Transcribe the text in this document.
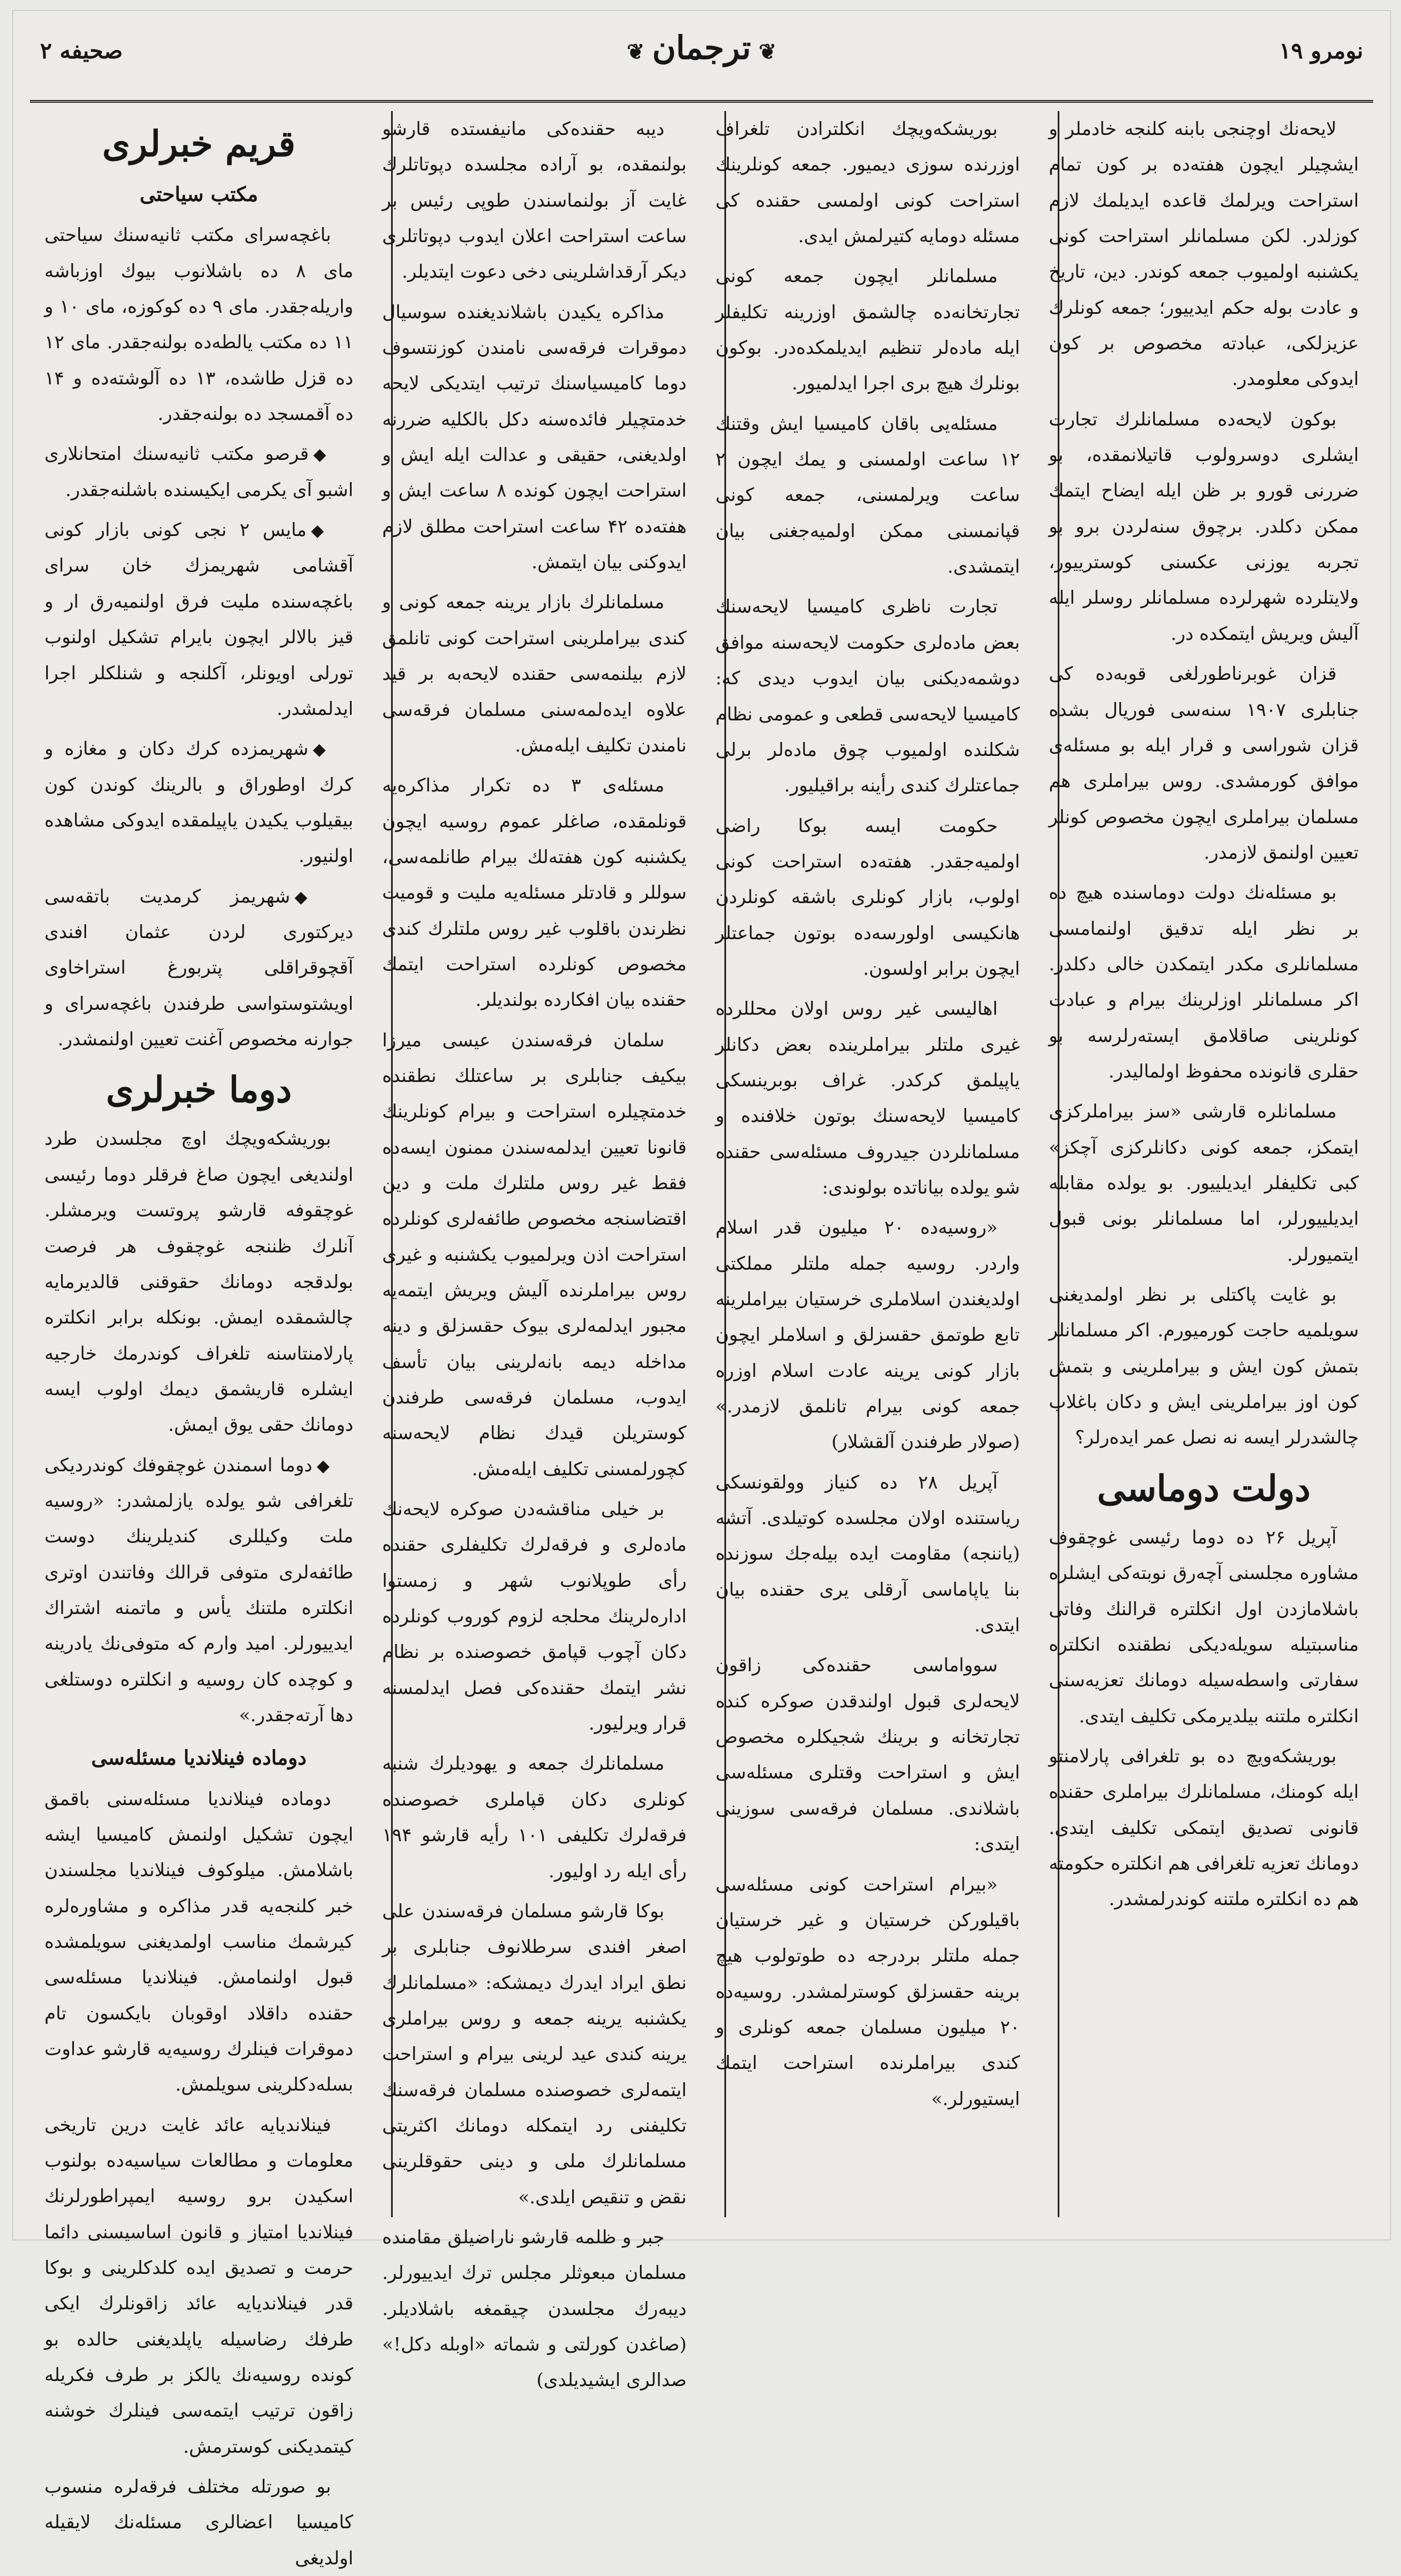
نومرو ۱۹
❦ترجمان❦
صحیفه ۲

لایحه‌نك اوچنجی بابنه کلنجه خادملر و ایشچیلر ایچون هفته‌ده بر کون تمام استراحت ویرلمك قاعده ایدیلمك لازم کوزلدر. لکن مسلمانلر استراحت کونی یکشنبه اولمیوب جمعه کوندر. دین، تاریخ و عادت بوله حکم ایدییور؛ جمعه کونلرك عزیزلکی، عبادته مخصوص بر کون ایدوکی معلومدر.

بوکون لایحه‌ده مسلمانلرك تجارت ایشلری دوسرولوب قاتیلانمقده، بو ضررنی قورو بر ظن ایله ایضاح ایتمك ممکن دکلدر. برچوق سنه‌لردن برو بو تجربه یوزنی عکسنی کوسترییور، ولایتلرده شهرلرده مسلمانلر روسلر ایله آلیش ویریش ایتمکده در.

قزان غوبرناطورلغی قوبه‌ده کی جنابلری ۱۹۰۷ سنه‌سی فوریال بشده قزان شوراسی و قرار ایله بو مسئله‌ی موافق کورمشدی. روس بیراملری هم مسلمان بیراملری ایچون مخصوص کونلر تعیین اولنمق لازمدر.

بو مسئله‌نك دولت دوماسنده هیچ ده بر نظر ایله تدقیق اولنمامسی مسلمانلری مکدر ایتمکدن خالی دکلدر. اکر مسلمانلر اوزلرینك بیرام و عبادت کونلرینی صاقلامق ایسته‌رلرسه بو حقلری قانونده محفوظ اولمالیدر.

مسلمانلره قارشی «سز بیراملرکزی ایتمکز، جمعه کونی دکانلرکزی آچکز» کبی تکلیفلر ایدیلییور. بو یولده مقابله ایدیلییورلر، اما مسلمانلر بونی قبول ایتمیورلر.

بو غایت پاکتلی بر نظر اولمدیغنی سویلمیه حاجت کورمیورم. اکر مسلمانلر بتمش کون ایش و بیراملرینی و بتمش کون اوز بیراملرینی ایش و دکان باغلاب چالشدرلر ایسه نه نصل عمر ایده‌رلر؟

دولت دوماسی

آپریل ۲۶ ده دوما رئیسی غوچقوف مشاوره مجلسنی آچه‌رق نوبته‌کی ایشلره باشلامازدن اول انکلتره قرالنك وفاتی مناسبتیله سویله‌دیکی نطقنده انکلتره سفارتی واسطه‌سیله دومانك تعزیه‌سنی انکلتره ملتنه بیلدیرمکی تکلیف ایتدی.

بوریشکه‌ویچ ده بو تلغرافی پارلامنتو ایله کومنك، مسلمانلرك بیراملری حقنده قانونی تصدیق ایتمکی تکلیف ایتدی. دومانك تعزیه تلغرافی هم انکلتره حکومته هم ده انکلتره ملتنه کوندرلمشدر.

بوریشکه‌ویچك انکلترادن تلغراف اوزرنده سوزی دیمیور. جمعه کونلرینك استراحت کونی اولمسی حقنده کی مسئله دومایه کتیرلمش ایدی.

مسلمانلر ایچون جمعه کونی تجارتخانه‌ده چالشمق اوزرینه تکلیفلر ایله ماده‌لر تنظیم ایدیلمکده‌در. بوکون بونلرك هیچ بری اجرا ایدلمیور.

مسئله‌یی باقان کامیسیا ایش وقتنك ۱۲ ساعت اولمسنی و یمك ایچون ۲ ساعت ویرلمسنی، جمعه کونی قپانمسنی ممکن اولمیه‌جغنی بیان ایتمشدی.

تجارت ناظری کامیسیا لایحه‌سنك بعض ماده‌لری حکومت لایحه‌سنه موافق دوشمه‌دیکنی بیان ایدوب دیدی که: کامیسیا لایحه‌سی قطعی و عمومی نظام شکلنده اولمیوب چوق ماده‌لر برلی جماعتلرك کندی رأینه براقیلیور.

حکومت ایسه بوکا راضی اولمیه‌جقدر. هفته‌ده استراحت کونی اولوب، بازار کونلری باشقه کونلردن هانکیسی اولورسه‌ده بوتون جماعتلر ایچون برابر اولسون.

اهالیسی غیر روس اولان محللرده غیری ملتلر بیراملرینده بعض دکانلر یاپیلمق کرکدر. غراف بوبرینسکی کامیسیا لایحه‌سنك بوتون خلافنده و مسلمانلردن جیدروف مسئله‌سی حقنده شو یولده بیاناتده بولوندی:

«روسیه‌ده ۲۰ میلیون قدر اسلام واردر. روسیه جمله ملتلر مملکتی اولدیغندن اسلاملری خرستیان بیراملرینه تابع طوتمق حقسزلق و اسلاملر ایچون بازار کونی یرینه عادت اسلام اوزره جمعه کونی بیرام تانلمق لازمدر.» (صولار طرفندن آلقشلار)

آپریل ۲۸ ده کنیاز وولقونسکی ریاستنده اولان مجلسده کوتیلدی. آتشه (یاننجه) مقاومت ایده بیله‌جك سوزنده بنا یاپاماسی آرقلی یری حقنده بیان ایتدی.

سوواماسی حقنده‌کی زاقون لایحه‌لری قبول اولندقدن صوکره کنده تجارتخانه و برینك شجیکلره مخصوص ایش و استراحت وقتلری مسئله‌سی باشلاندی. مسلمان فرقه‌سی سوزینی ایتدی:

«بیرام استراحت کونی مسئله‌سی باقیلورکن خرستیان و غیر خرستیان جمله ملتلر بردرجه ده طوتولوب هیچ برینه حقسزلق کوسترلمشدر. روسیه‌ده ۲۰ میلیون مسلمان جمعه کونلری و کندی بیراملرنده استراحت ایتمك ایستیورلر.»

دیبه حقنده‌کی مانیفستده قارشو بولنمقده، بو آراده مجلسده دپوتاتلرك غایت آز بولنماسندن طوپی رئیس بر ساعت استراحت اعلان ایدوب دپوتاتلری دیکر آرقداشلرینی دخی دعوت ایتدیلر.

مذاکره یکیدن باشلاندیغنده سوسیال دموقرات فرقه‌سی نامندن کوزنتسوف دوما کامیسیاسنك ترتیب ایتدیکی لایحه خدمتچیلر فائده‌سنه دکل بالکلیه ضررنه اولدیغنی، حقیقی و عدالت ایله ایش و استراحت ایچون کونده ۸ ساعت ایش و هفته‌ده ۴۲ ساعت استراحت مطلق لازم ایدوکنی بیان ایتمش.

مسلمانلرك بازار یرینه جمعه کونی و کندی بیراملرینی استراحت کونی تانلمق لازم بیلنمه‌سی حقنده لایحه‌به بر قید علاوه ایده‌لمه‌سنی مسلمان فرقه‌سی نامندن تکلیف ایله‌مش.

مسئله‌ی ۳ ده تکرار مذاکره‌یه قونلمقده، صاغلر عموم روسیه ایچون یکشنبه کون هفته‌لك بیرام طانلمه‌سی، سوللر و قادتلر مسئله‌یه ملیت و قومیت نظرندن باقلوب غیر روس ملتلرك کندی مخصوص کونلرده استراحت ایتمك حقنده بیان افکارده بولندیلر.

سلمان فرقه‌سندن عیسی میرزا بیکیف جنابلری بر ساعتلك نطقنده خدمتچیلره استراحت و بیرام کونلرینك قانونا تعیین ایدلمه‌سندن ممنون ایسه‌ده فقط غیر روس ملتلرك ملت و دین اقتضاسنجه مخصوص طائفه‌لری کونلرده استراحت اذن ویرلمیوب یکشنبه و غیری روس بیراملرنده آلیش ویریش ایتمه‌یه مجبور ایدلمه‌لری بیوک حقسزلق و دینه مداخله دیمه بانه‌لرینی بیان تأسف ایدوب، مسلمان فرقه‌سی طرفندن کوستریلن قیدك نظام لایحه‌سنه کچورلمسنی تکلیف ایله‌مش.

بر خیلی مناقشه‌دن صوکره لایحه‌نك ماده‌لری و فرقه‌لرك تکلیفلری حقنده رأی طوپلانوب شهر و زمستوا اداره‌لرینك محلجه لزوم کوروب کونلرده دکان آچوب قپامق خصوصنده بر نظام نشر ایتمك حقنده‌کی فصل ایدلمسنه قرار ویرلیور.

مسلمانلرك جمعه و یهودیلرك شنبه کونلری دکان قپاملری خصوصنده فرقه‌لرك تکلیفی ۱۰۱ رأیه قارشو ۱۹۴ رأی ایله رد اولیور.

بوکا قارشو مسلمان فرقه‌سندن علی اصغر افندی سرطلانوف جنابلری بر نطق ایراد ایدرك دیمشکه: «مسلمانلرك یکشنبه یرینه جمعه و روس بیراملری یرینه کندی عید لرینی بیرام و استراحت ایتمه‌لری خصوصنده مسلمان فرقه‌سنك تکلیفنی رد ایتمکله دومانك اکثریتی مسلمانلرك ملی و دینی حقوقلرینی نقض و تنقیص ایلدی.»

جبر و ظلمه قارشو ناراضیلق مقامنده مسلمان مبعوثلر مجلس ترك ایدییورلر. دیبه‌رك مجلسدن چیقمغه باشلادیلر. (صاغدن کورلتی و شماته «اوبله دکل!» صدالری ایشیدیلدی)

قریم خبرلری

مکتب سیاحتی

باغچه‌سرای مکتب ثانیه‌سنك سیاحتی مای ۸ ده باشلانوب بیوك اوزباشه واریله‌جقدر. مای ۹ ده کوکوزه، مای ۱۰ و ۱۱ ده مکتب یالطه‌ده بولنه‌جقدر. مای ۱۲ ده قزل طاشده، ۱۳ ده آلوشته‌ده و ۱۴ ده آقمسجد ده بولنه‌جقدر.

◆قرصو مکتب ثانیه‌سنك امتحانلاری اشبو آی یکرمی ایکیسنده باشلنه‌جقدر.

◆مایس ۲ نجی کونی بازار کونی آقشامی شهریمزك خان سرای باغچه‌سنده ملیت فرق اولنمیه‌رق ار و قیز بالالر ایچون بایرام تشکیل اولنوب تورلی اویونلر، آکلنجه و شنلکلر اجرا ایدلمشدر.

◆شهریمزده کرك دکان و مغازه و کرك اوطوراق و بالرینك کوندن کون بیقیلوب یکیدن یاپیلمقده ایدوکی مشاهده اولنیور.

◆شهریمز کرمدیت باتقه‌سی دیرکتوری لردن عثمان افندی آقچوقراقلی پتربورغ استراخاوی اویشتوستواسی طرفندن باغچه‌سرای و جوارنه مخصوص آغنت تعیین اولنمشدر.

دوما خبرلری

بوریشکه‌ویچك اوچ مجلسدن طرد اولندیغی ایچون صاغ فرقلر دوما رئیسی غوچقوفه قارشو پروتست ویرمشلر. آنلرك ظننجه غوچقوف هر فرصت بولدقجه دومانك حقوقنی قالدیرمایه چالشمقده ایمش. بونکله برابر انکلتره پارلامنتاسنه تلغراف کوندرمك خارجیه ایشلره قاریشمق دیمك اولوب ایسه دومانك حقی یوق ایمش.

◆دوما اسمندن غوچقوفك کوندردیکی تلغرافی شو یولده یازلمشدر: «روسیه ملت وکیللری کندیلرینك دوست طائفه‌لری متوفی قرالك وفاتندن اوتری انکلتره ملتنك یأس و ماتمنه اشتراك ایدییورلر. امید وارم که متوفی‌نك یادرینه و کوچده کان روسیه و انکلتره دوستلغی دها آرته‌جقدر.»

دوماده فینلاندیا مسئله‌سی

دوماده فینلاندیا مسئله‌سنی باقمق ایچون تشکیل اولنمش کامیسیا ایشه باشلامش. میلوکوف فینلاندیا مجلسندن خبر کلنجه‌یه قدر مذاکره و مشاوره‌لره کیرشمك مناسب اولمدیغنی سویلمشده قبول اولنمامش. فینلاندیا مسئله‌سی حقنده داقلاد اوقوبان بایکسون تام دموقرات فینلرك روسیه‌یه قارشو عداوت بسله‌دکلرینی سویلمش.

فینلاندیایه عائد غایت درین تاریخی معلومات و مطالعات سیاسیه‌ده بولنوب اسکیدن برو روسیه ایمپراطورلرنك فینلاندیا امتیاز و قانون اساسیسنی دائما حرمت و تصدیق ایده کلدکلرینی و بوکا قدر فینلاندیایه عائد زاقونلرك ایکی طرفك رضاسیله یاپلدیغنی حالده بو کونده روسیه‌نك یالکز بر طرف فکریله زاقون ترتیب ایتمه‌سی فینلرك خوشنه کیتمدیکنی کوسترمش.

بو صورتله مختلف فرقه‌لره منسوب کامیسیا اعضالری مسئله‌نك لایقیله اولدیغی
